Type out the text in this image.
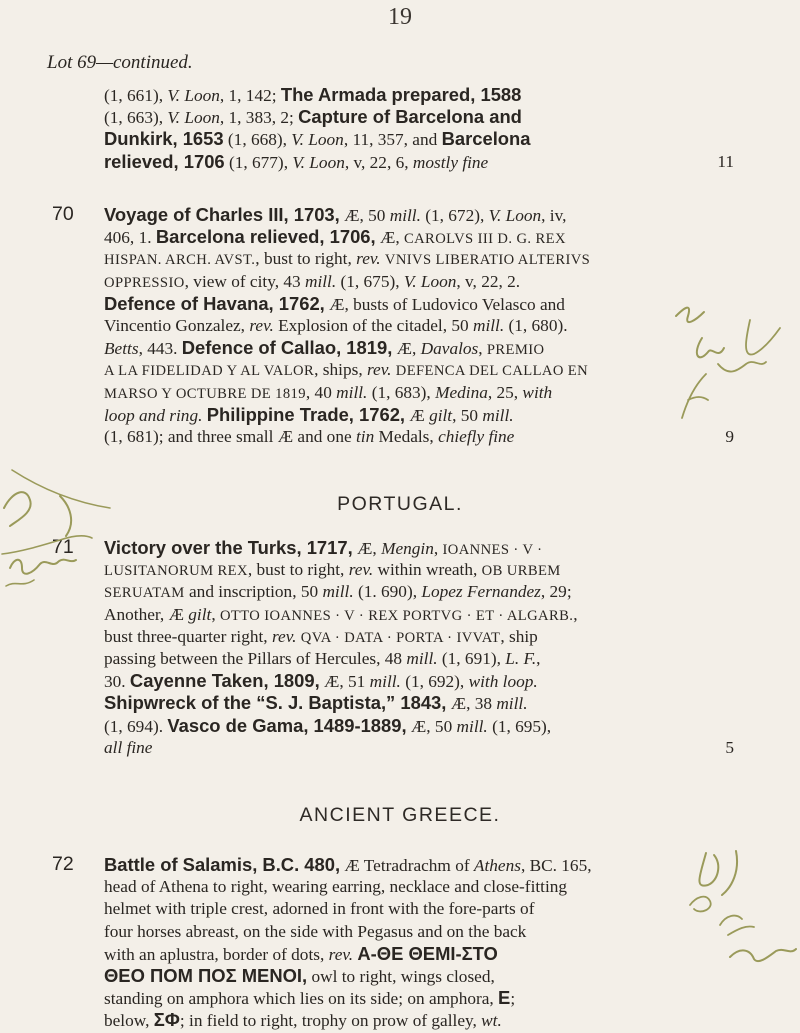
19
Lot 69—continued.
(1, 661), V. Loon, 1, 142; The Armada prepared, 1588
(1, 663), V. Loon, 1, 383, 2; Capture of Barcelona and
Dunkirk, 1653 (1, 668), V. Loon, 11, 357, and Barcelona
relieved, 1706 (1, 677), V. Loon, v, 22, 6, mostly fine	11
70 Voyage of Charles III, 1703, Æ, 50 mill. (1, 672), V. Loon, iv,
406, 1. Barcelona relieved, 1706, Æ, CAROLVS III D. G. REX
HISPAN. ARCH. AVST., bust to right, rev. VNIVS LIBERATIO ALTERIVS
OPPRESSIO, view of city, 43 mill. (1, 675), V. Loon, v, 22, 2.
Defence of Havana, 1762, Æ, busts of Ludovico Velasco and
Vincentio Gonzalez, rev. Explosion of the citadel, 50 mill. (1, 680).
Betts, 443. Defence of Callao, 1819, Æ, Davalos, PREMIO
A LA FIDELIDAD Y AL VALOR, ships, rev. DEFENCA DEL CALLAO EN
MARSO Y OCTUBRE DE 1819, 40 mill. (1, 683), Medina, 25, with
loop and ring. Philippine Trade, 1762, Æ gilt, 50 mill.
(1, 681); and three small Æ and one tin Medals, chiefly fine	9
PORTUGAL.
71 Victory over the Turks, 1717, Æ, Mengin, IOANNES · V ·
LUSITANORUM REX, bust to right, rev. within wreath, OB URBEM
SERUATAM and inscription, 50 mill. (1. 690), Lopez Fernandez, 29;
Another, Æ gilt, OTTO IOANNES · V · REX PORTVG · ET · ALGARB.,
bust three-quarter right, rev. QVA · DATA · PORTA · IVVAT, ship
passing between the Pillars of Hercules, 48 mill. (1, 691), L. F.,
30. Cayenne Taken, 1809, Æ, 51 mill. (1, 692), with loop.
Shipwreck of the “S. J. Baptista,” 1843, Æ, 38 mill.
(1, 694). Vasco de Gama, 1489-1889, Æ, 50 mill. (1, 695),
all fine	5
ANCIENT GREECE.
72 Battle of Salamis, B.C. 480, Æ Tetradrachm of Athens, BC. 165,
head of Athena to right, wearing earring, necklace and close-fitting
helmet with triple crest, adorned in front with the fore-parts of
four horses abreast, on the side with Pegasus and on the back
with an aplustra, border of dots, rev. Α-ΘΕ ΘΕΜΙ-ΣΤΟ
ΘΕΟ ΠΟΜ ΠΟΣ ΜΕΝΟΙ, owl to right, wings closed,
standing on amphora which lies on its side; on amphora, Ε;
below, ΣΦ; in field to right, trophy on prow of galley, wt.
